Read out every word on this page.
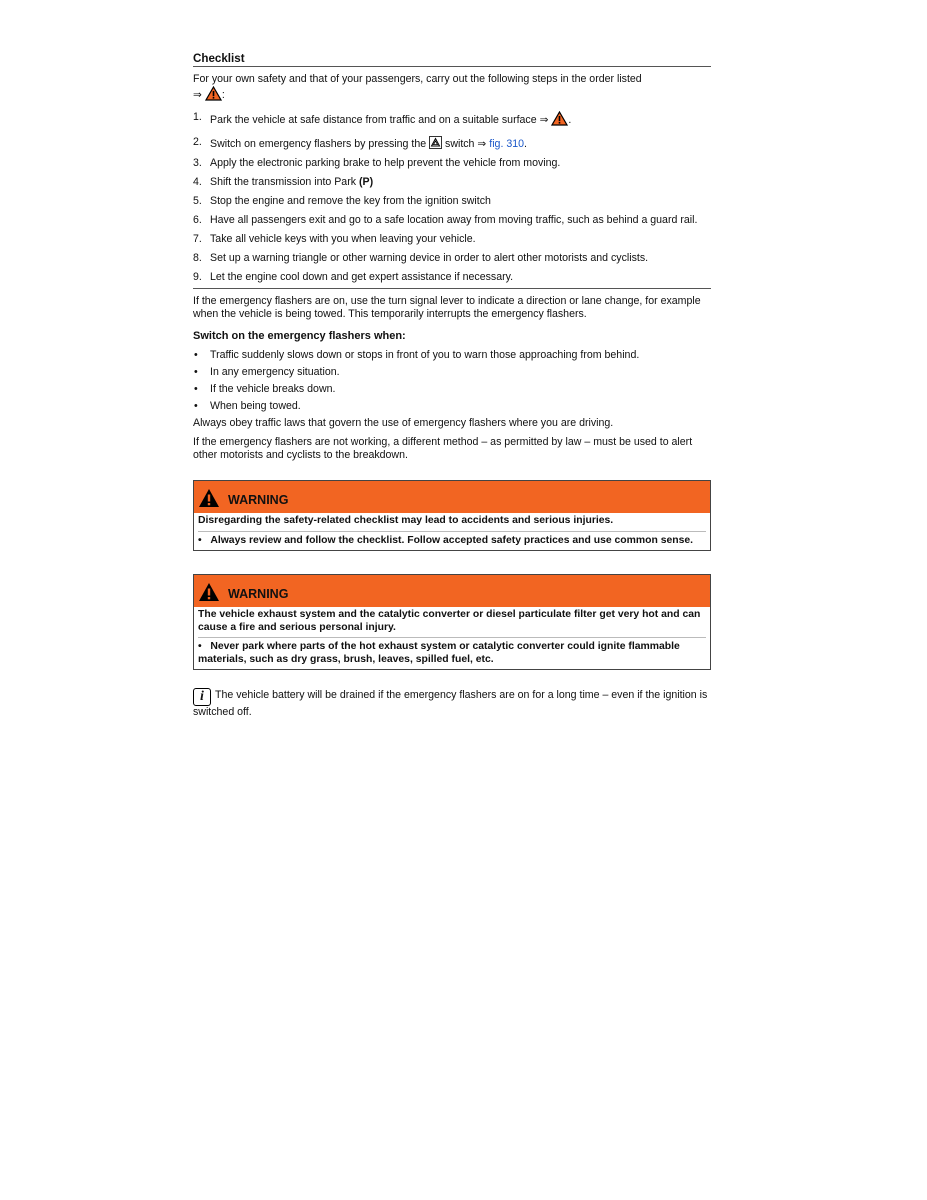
Checklist

For your own safety and that of your passengers, carry out the following steps in the order listed
⇒ :

1. Park the vehicle at safe distance from traffic and on a suitable surface ⇒ .
2. Switch on emergency flashers by pressing the switch ⇒ fig. 310.
3. Apply the electronic parking brake to help prevent the vehicle from moving.
4. Shift the transmission into Park (P)
5. Stop the engine and remove the key from the ignition switch
6. Have all passengers exit and go to a safe location away from moving traffic, such as behind a guard rail.
7. Take all vehicle keys with you when leaving your vehicle.
8. Set up a warning triangle or other warning device in order to alert other motorists and cyclists.
9. Let the engine cool down and get expert assistance if necessary.

If the emergency flashers are on, use the turn signal lever to indicate a direction or lane change, for example when the vehicle is being towed. This temporarily interrupts the emergency flashers.

Switch on the emergency flashers when:
• Traffic suddenly slows down or stops in front of you to warn those approaching from behind.
• In any emergency situation.
• If the vehicle breaks down.
• When being towed.

Always obey traffic laws that govern the use of emergency flashers where you are driving.

If the emergency flashers are not working, a different method – as permitted by law – must be used to alert other motorists and cyclists to the breakdown.

WARNING
Disregarding the safety-related checklist may lead to accidents and serious injuries.
•   Always review and follow the checklist. Follow accepted safety practices and use common sense.
WARNING
The vehicle exhaust system and the catalytic converter or diesel particulate filter get very hot and can cause a fire and serious personal injury.
•   Never park where parts of the hot exhaust system or catalytic converter could ignite flammable materials, such as dry grass, brush, leaves, spilled fuel, etc.

i The vehicle battery will be drained if the emergency flashers are on for a long time – even if the ignition is switched off.
